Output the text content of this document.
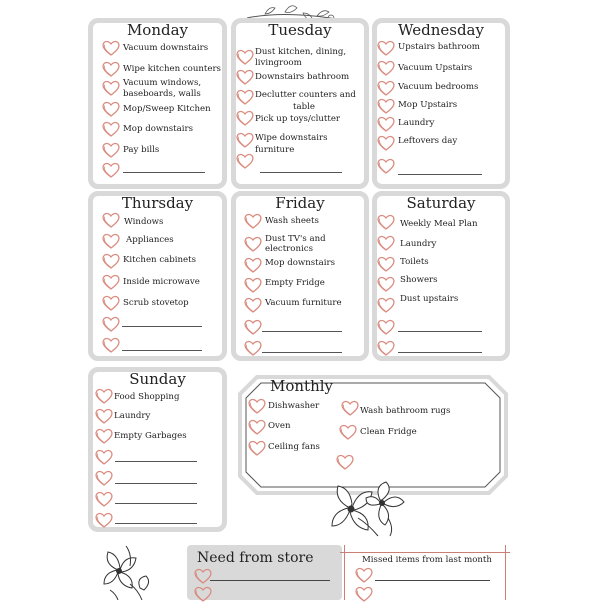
Monday
Vacuum downstairs
Wipe kitchen counters
Vacuum windows,
baseboards, walls
Mop/Sweep Kitchen
Mop downstairs
Pay bills
Tuesday
Dust kitchen, dining,
livingroom
Downstairs bathroom
Declutter counters and
table
Pick up toys/clutter
Wipe downstairs
furniture
Wednesday
Upstairs bathroom
Vacuum Upstairs
Vacuum bedrooms
Mop Upstairs
Laundry
Leftovers day
Thursday
Windows
Appliances
Kitchen cabinets
Inside microwave
Scrub stovetop
Friday
Wash sheets
Dust TV's and
electronics
Mop downstairs
Empty Fridge
Vacuum furniture
Saturday
Weekly Meal Plan
Laundry
Toilets
Showers
Dust upstairs
Sunday
Food Shopping
Laundry
Empty Garbages
Monthly
Dishwasher
Oven
Ceiling fans
Wash bathroom rugs
Clean Fridge
Need from store	Missed items from last month
